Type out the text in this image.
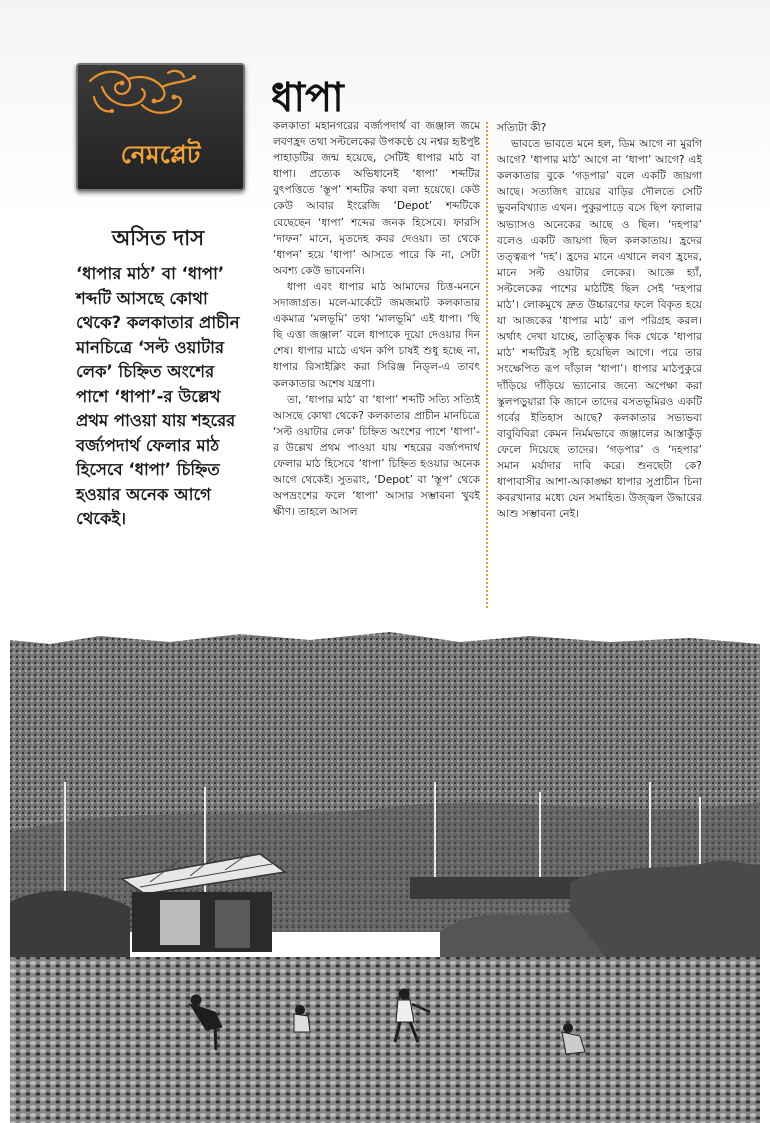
নেমপ্লেট
ধাপা
অসিত দাস

‘ধাপার মাঠ’ বা ‘ধাপা’ শব্দটি আসছে কোথা থেকে? কলকাতার প্রাচীন মানচিত্রে ‘সল্ট ওয়াটার লেক’ চিহ্নিত অংশের পাশে ‘ধাপা’-র উল্লেখ প্রথম পাওয়া যায় শহরের বর্জ্যপদার্থ ফেলার মাঠ হিসেবে ‘ধাপা’ চিহ্নিত হওয়ার অনেক আগে থেকেই।

কলকাতা মহানগরের বর্জ্যপদার্থ বা জঞ্জাল জমে লবণহ্রদ তথা সল্টলেকের উপকণ্ঠে যে নশ্বর হৃষ্টপুষ্ট পাহাড়টির জন্ম হয়েছে, সেটিই ধাপার মাঠ বা ধাপা। প্রত্যেক অভিধানেই ‘ধাপা’ শব্দটির বুৎপত্তিতে ‘স্তূপ’ শব্দটির কথা বলা হয়েছে। কেউ কেউ আবার ইংরেজি ‘Depot’ শব্দটিকে বেছেছেন ‘ধাপা’ শব্দের জনক হিসেবে। ফারসি ‘দাফন’ মানে, মৃতদেহ কবর দেওয়া। তা থেকে ‘ধাপন’ হয়ে ‘ধাপা’ আসতে পারে কি না, সেটা অবশ্য কেউ ভাবেননি।

ধাপা এবং ধাপার মাঠ আমাদের চিত্ত-মননে সদাজাগ্রত। মলে-মার্কেটে জমজমাট কলকাতার একমাত্র ‘মলভূমি’ তথা ‘মালভূমি’ এই ধাপা। ‘ছি ছি এত্তা জঞ্জাল’ বলে ধাপাকে দূয়ো দেওয়ার দিন শেষ। ধাপার মাঠে এখন কপি চাষই শুধু হচ্ছে না, ধাপার রিসাইক্লিং করা সিরিঞ্জ নিড্‌ল-এ তাবৎ কলকাতার অশেষ যন্ত্রণা।

তা, ‘ধাপার মাঠ’ বা ‘ধাপা’ শব্দটি সত্যি সত্যিই আসছে কোথা থেকে? কলকাতার প্রাচীন মানচিত্রে ‘সল্ট ওয়াটার লেক’ চিহ্নিত অংশের পাশে ‘ধাপা’-র উল্লেখ প্রথম পাওয়া যায় শহরের বর্জ্যপদার্থ ফেলার মাঠ হিসেবে ‘ধাপা’ চিহ্নিত হওয়ার অনেক আগে থেকেই। সুতরাং, ‘Depot’ বা ‘স্তূপ’ থেকে অপভ্রংশের ফলে ‘ধাপা’ আসার সম্ভাবনা খুবই ক্ষীণ। তাহলে আসল

সত্যিটা কী?

ভাবতে ভাবতে মনে হল, ডিম আগে না মুরগি আগে? ‘ধাপার মাঠ’ আগে না ‘ধাপা’ আগে? এই কলকাতার বুকে ‘গড়পার’ বলে একটি জায়গা আছে। সত্যজিৎ রায়ের বাড়ির দৌলতে সেটি ভুবনবিখ্যাত এখন। পুকুরপাড়ে বসে ছিপ ফ্যালার অভ্যাসও অনেকের আছে ও ছিল। ‘দহপার’ বলেও একটি জায়গা ছিল কলকাতায়। হ্রদের তত্ত্বরূপ ‘দহ’। হ্রদের মানে এখানে লবণ হ্রদের, মানে সল্ট ওয়াটার লেকের। আজ্ঞে হ্যাঁ, সল্টলেকের পাশের মাঠটিই ছিল সেই ‘দহপার মাঠ’। লোকমুখে দ্রুত উচ্চারণের ফলে বিকৃত হয়ে যা আজকের ‘ধাপার মাঠ’ রূপ পরিগ্রহ করল। অর্থাৎ দেখা যাচ্ছে, তাত্ত্বিক দিক থেকে ‘ধাপার মাঠ’ শব্দটিরই সৃষ্টি হয়েছিল আগে। পরে তার সংক্ষেপিত রূপ দাঁড়াল ‘ধাপা’। ধাপার মাঠপুকুরে দাঁড়িয়ে দাঁড়িয়ে ভ্যানোর জন্যে অপেক্ষা করা স্কুলপড়ুয়ারা কি জানে তাদের বসতভূমিরও একটি গর্বের ইতিহাস আছে? কলকাতার সভ্যভব্য বাবুবিবিরা কেমন নির্মমভাবে জঞ্জালের আস্তাকুঁড় ফেলে দিয়েছে তাদের। ‘গড়পার’ ও ‘দহপার’ সমান মর্যাদার দাবি করে। শুনছেটা কে? ধাপাবাসীর আশা-আকাঙ্ক্ষা ধাপার সুপ্রাচীন চিনা কবরখানার মধ্যে যেন সমাহিত। উজ্জ্বল উদ্ধারের আশু সম্ভাবনা নেই।
